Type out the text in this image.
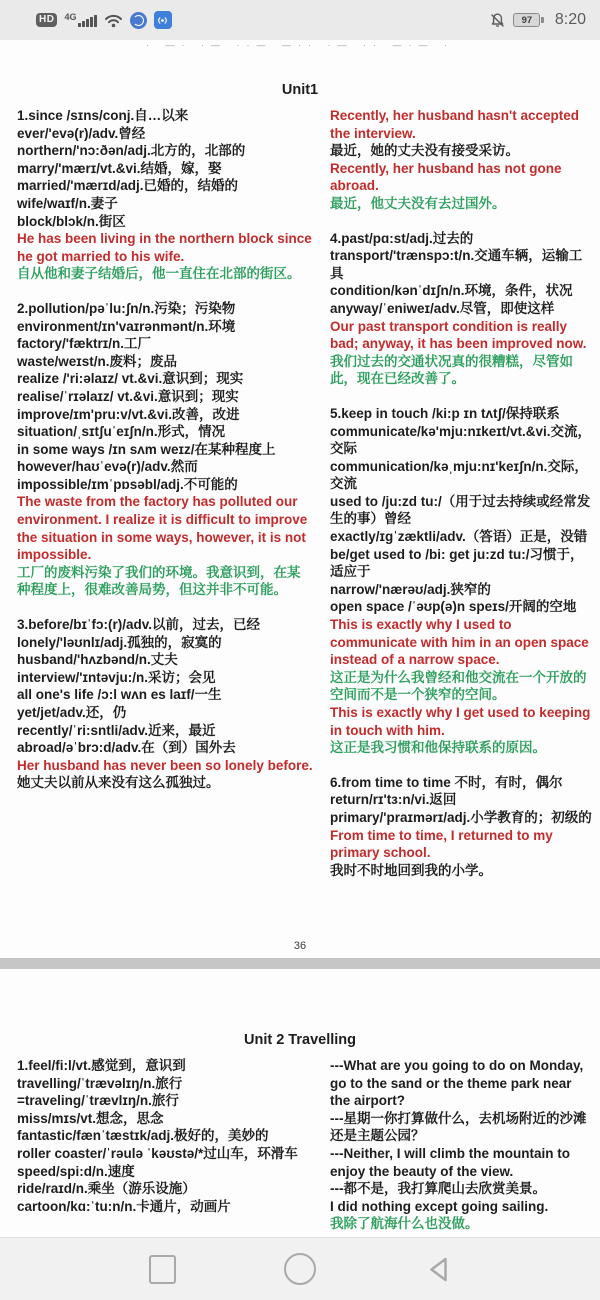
HD	4G	97 8:20
· —· ·— ··— —·· ·— ·· —·— ·
Unit1

1.since /sɪns/conj.自…以来

ever/'evə(r)/adv.曾经

northern/'nɔ:ðən/adj.北方的，北部的

marry/'mærɪ/vt.&vi.结婚，嫁，娶

married/'mærɪd/adj.已婚的，结婚的

wife/waɪf/n.妻子

block/blɔk/n.街区

He has been living in the northern block since he got married to his wife.

自从他和妻子结婚后，他一直住在北部的街区。

2.pollution/pəˈlu:ʃn/n.污染；污染物

environment/ɪn'vaɪrənmənt/n.环境

factory/'fæktrɪ/n.工厂

waste/weɪst/n.废料；废品

realize /'ri:əlaɪz/ vt.&vi.意识到；现实

realise/ˈrɪəlaɪz/ vt.&vi.意识到；现实

improve/ɪm'pru:v/vt.&vi.改善，改进

situation/ˌsɪtʃuˈeɪʃn/n.形式，情况

in some ways /ɪn sʌm weɪz/在某种程度上

however/haʊˈevə(r)/adv.然而

impossible/ɪmˈpɒsəbl/adj.不可能的

The waste from the factory has polluted our environment. I realize it is difficult to improve the situation in some ways, however, it is not impossible.

工厂的废料污染了我们的环境。我意识到，在某种程度上，很难改善局势，但这并非不可能。

3.before/bɪˈfɔ:(r)/adv.以前，过去，已经

lonely/'ləʊnlɪ/adj.孤独的，寂寞的

husband/'hʌzbənd/n.丈夫

interview/'ɪntəvju:/n.采访；会见

all one's life /ɔ:l wʌn es laɪf/一生

yet/jet/adv.还，仍

recently/ˈri:sntli/adv.近来，最近

abroad/əˈbrɔ:d/adv.在（到）国外去

Her husband has never been so lonely before.

她丈夫以前从来没有这么孤独过。

Recently, her husband hasn't accepted the interview.

最近，她的丈夫没有接受采访。

Recently, her husband has not gone abroad.

最近，他丈夫没有去过国外。

4.past/pɑ:st/adj.过去的

transport/'trænspɔ:t/n.交通车辆，运输工具

condition/kənˈdɪʃn/n.环境，条件，状况

anyway/ˈeniweɪ/adv.尽管，即使这样

Our past transport condition is really bad; anyway, it has been improved now.

我们过去的交通状况真的很糟糕，尽管如此，现在已经改善了。

5.keep in touch /ki:p ɪn tʌtʃ/保持联系

communicate/kə'mju:nɪkeɪt/vt.&vi.交流，交际

communication/kəˌmju:nɪ'keɪʃn/n.交际，交流

used to /ju:zd tu:/（用于过去持续或经常发生的事）曾经

exactly/ɪgˈzæktli/adv.（答语）正是，没错

be/get used to /bi: get ju:zd tu:/习惯于，适应于

narrow/'nærəʊ/adj.狭窄的

open space /ˈəʊp(ə)n speɪs/开阔的空地

This is exactly why I used to communicate with him in an open space instead of a narrow space.

这正是为什么我曾经和他交流在一个开放的空间而不是一个狭窄的空间。

This is exactly why I get used to keeping in touch with him.

这正是我习惯和他保持联系的原因。

6.from time to time 不时，有时，偶尔

return/rɪ'tɜ:n/vi.返回

primary/'praɪmərɪ/adj.小学教育的；初级的

From time to time, I returned to my primary school.

我时不时地回到我的小学。

36
Unit 2 Travelling

1.feel/fi:l/vt.感觉到，意识到

travelling/ˈtrævəlɪŋ/n.旅行

=traveling/ˈtrævlɪŋ/n.旅行

miss/mɪs/vt.想念，思念

fantastic/fænˈtæstɪk/adj.极好的，美妙的

roller coaster/ˈrəulə ˈkəʊstə/*过山车，环滑车

speed/spi:d/n.速度

ride/raɪd/n.乘坐（游乐设施）

cartoon/kɑ:ˈtu:n/n.卡通片，动画片

---What are you going to do on Monday, go to the sand or the theme park near the airport?

---星期一你打算做什么，去机场附近的沙滩还是主题公园？

---Neither, I will climb the mountain to enjoy the beauty of the view.

---都不是，我打算爬山去欣赏美景。

I did nothing except going sailing.

我除了航海什么也没做。
